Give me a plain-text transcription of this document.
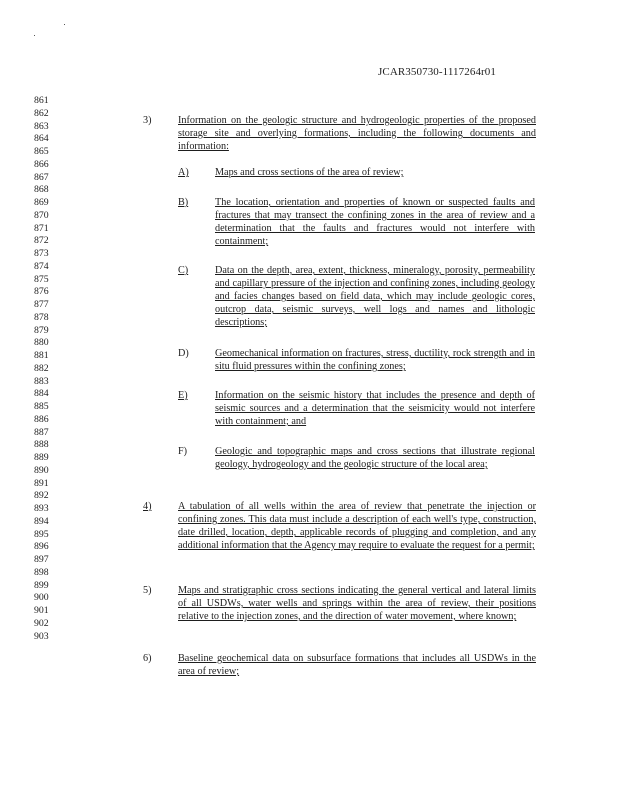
JCAR350730-1117264r01
861
862
863
864
865
866
867
868
869
870
871
872
873
874
875
876
877
878
879
880
881
882
883
884
885
886
887
888
889
890
891
892
893
894
895
896
897
898
899
900
901
902
903
3)	Information on the geologic structure and hydrogeologic properties of the proposed storage site and overlying formations, including the following documents and information:
A)	Maps and cross sections of the area of review;
B)	The location, orientation and properties of known or suspected faults and fractures that may transect the confining zones in the area of review and a determination that the faults and fractures would not interfere with containment;
C)	Data on the depth, area, extent, thickness, mineralogy, porosity, permeability and capillary pressure of the injection and confining zones, including geology and facies changes based on field data, which may include geologic cores, outcrop data, seismic surveys, well logs and names and lithologic descriptions;
D)	Geomechanical information on fractures, stress, ductility, rock strength and in situ fluid pressures within the confining zones;
E)	Information on the seismic history that includes the presence and depth of seismic sources and a determination that the seismicity would not interfere with containment; and
F)	Geologic and topographic maps and cross sections that illustrate regional geology, hydrogeology and the geologic structure of the local area;
4)	A tabulation of all wells within the area of review that penetrate the injection or confining zones. This data must include a description of each well's type, construction, date drilled, location, depth, applicable records of plugging and completion, and any additional information that the Agency may require to evaluate the request for a permit;
5)	Maps and stratigraphic cross sections indicating the general vertical and lateral limits of all USDWs, water wells and springs within the area of review, their positions relative to the injection zones, and the direction of water movement, where known;
6)	Baseline geochemical data on subsurface formations that includes all USDWs in the area of review;
